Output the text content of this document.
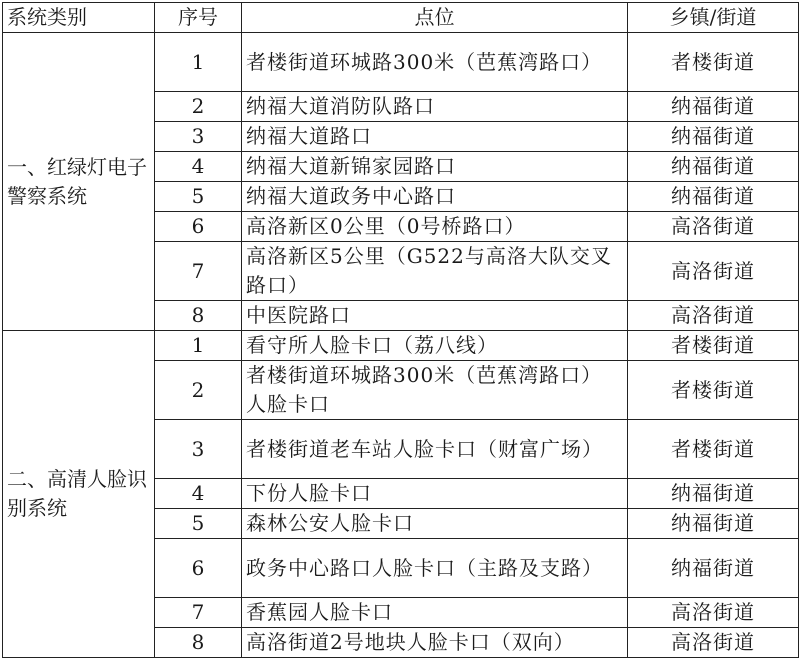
系统类别	序号	点位	乡镇/街道
一、红绿灯电子警察系统	1	者楼街道环城路300米（芭蕉湾路口）	者楼街道
	2	纳福大道消防队路口	纳福街道
	3	纳福大道路口	纳福街道
	4	纳福大道新锦家园路口	纳福街道
	5	纳福大道政务中心路口	纳福街道
	6	高洛新区0公里（0号桥路口）	高洛街道
	7	高洛新区5公里（G522与高洛大队交叉路口）	高洛街道
	8	中医院路口	高洛街道
二、高清人脸识别系统	1	看守所人脸卡口（荔八线）	者楼街道
	2	者楼街道环城路300米（芭蕉湾路口）人脸卡口	者楼街道
	3	者楼街道老车站人脸卡口（财富广场）	者楼街道
	4	下份人脸卡口	纳福街道
	5	森林公安人脸卡口	纳福街道
	6	政务中心路口人脸卡口（主路及支路）	纳福街道
	7	香蕉园人脸卡口	高洛街道
	8	高洛街道2号地块人脸卡口（双向）	高洛街道
